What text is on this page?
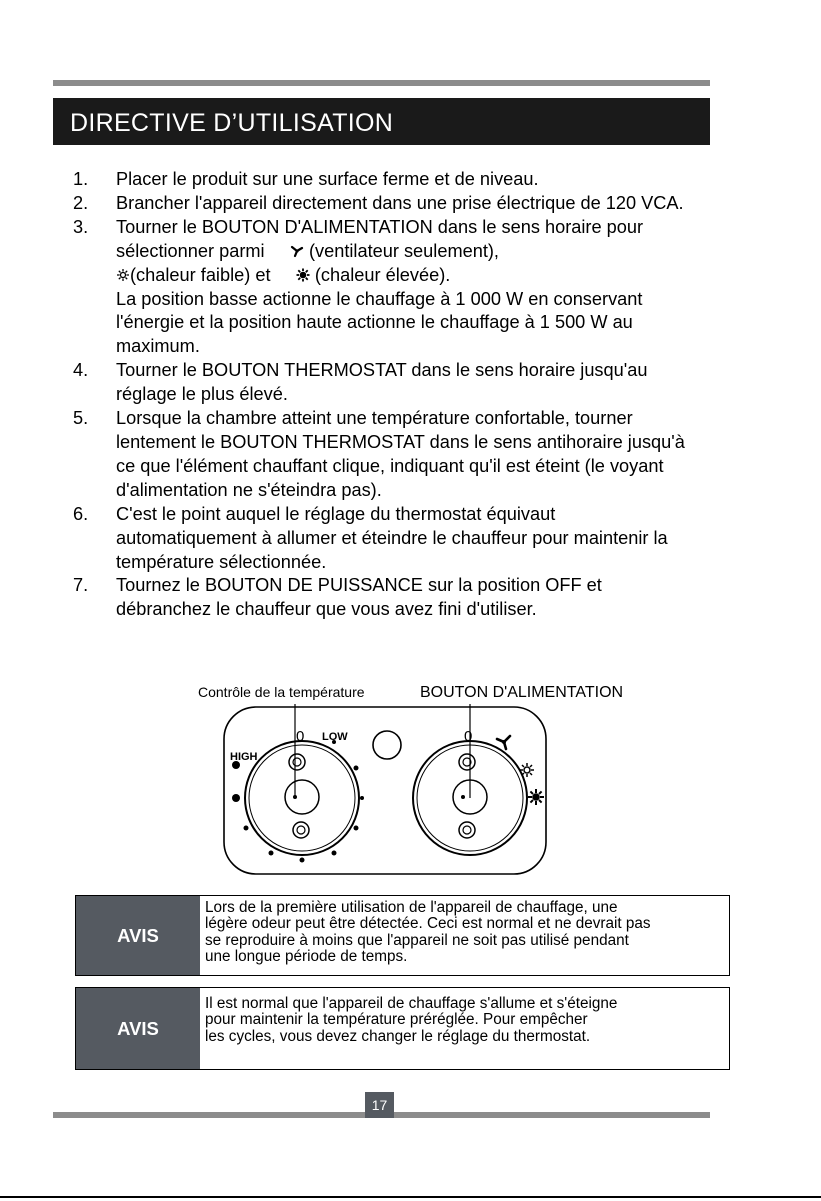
DIRECTIVE D’UTILISATION
1.	Placer le produit sur une surface ferme et de niveau.
2.	Brancher l'appareil directement dans une prise électrique de 120 VCA.
3.	Tourner le BOUTON D'ALIMENTATION dans le sens horaire pour
sélectionner parmi (ventilateur seulement),
(chaleur faible) et (chaleur élevée).
La position basse actionne le chauffage à 1 000 W en conservant
l'énergie et la position haute actionne le chauffage à 1 500 W au
maximum.
4.	Tourner le BOUTON THERMOSTAT dans le sens horaire jusqu'au
réglage le plus élevé.
5.	Lorsque la chambre atteint une température confortable, tourner
lentement le BOUTON THERMOSTAT dans le sens antihoraire jusqu'à
ce que l'élément chauffant clique, indiquant qu'il est éteint (le voyant
d'alimentation ne s'éteindra pas).
6.	C'est le point auquel le réglage du thermostat équivaut
automatiquement à allumer et éteindre le chauffeur pour maintenir la
température sélectionnée.
7.	Tournez le BOUTON DE PUISSANCE sur la position OFF et
débranchez le chauffeur que vous avez fini d'utiliser.
Contrôle de la température	BOUTON D'ALIMENTATION
0 LOW
HIGH
0
AVIS
Lors de la première utilisation de l'appareil de chauffage, une
légère odeur peut être détectée. Ceci est normal et ne devrait pas
se reproduire à moins que l'appareil ne soit pas utilisé pendant
une longue période de temps.
AVIS
Il est normal que l'appareil de chauffage s'allume et s'éteigne
pour maintenir la température préréglée. Pour empêcher
les cycles, vous devez changer le réglage du thermostat.
17
